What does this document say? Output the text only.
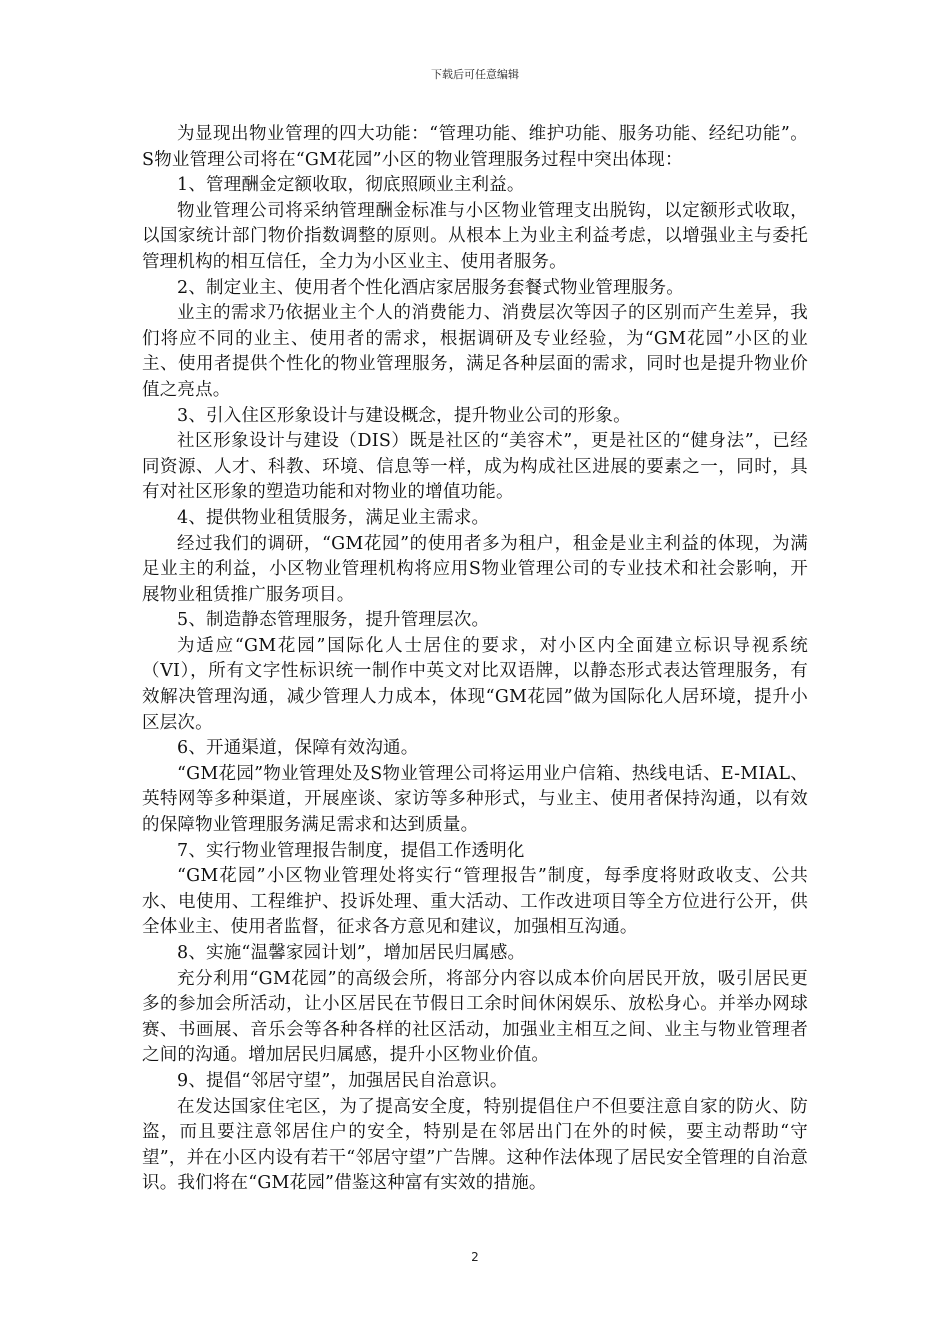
下载后可任意编辑

为显现出物业管理的四大功能：“管理功能、维护功能、服务功能、经纪功能”。S物业管理公司将在“GM花园”小区的物业管理服务过程中突出体现：

1、管理酬金定额收取，彻底照顾业主利益。

物业管理公司将采纳管理酬金标准与小区物业管理支出脱钩，以定额形式收取，以国家统计部门物价指数调整的原则。从根本上为业主利益考虑，以增强业主与委托管理机构的相互信任，全力为小区业主、使用者服务。

2、制定业主、使用者个性化酒店家居服务套餐式物业管理服务。

业主的需求乃依据业主个人的消费能力、消费层次等因子的区别而产生差异，我们将应不同的业主、使用者的需求，根据调研及专业经验，为“GM花园”小区的业主、使用者提供个性化的物业管理服务，满足各种层面的需求，同时也是提升物业价值之亮点。

3、引入住区形象设计与建设概念，提升物业公司的形象。

社区形象设计与建设（DIS）既是社区的“美容术”，更是社区的“健身法”，已经同资源、人才、科教、环境、信息等一样，成为构成社区进展的要素之一，同时，具有对社区形象的塑造功能和对物业的增值功能。

4、提供物业租赁服务，满足业主需求。

经过我们的调研，“GM花园”的使用者多为租户，租金是业主利益的体现，为满足业主的利益，小区物业管理机构将应用S物业管理公司的专业技术和社会影响，开展物业租赁推广服务项目。

5、制造静态管理服务，提升管理层次。

为适应“GM花园”国际化人士居住的要求，对小区内全面建立标识导视系统（VI），所有文字性标识统一制作中英文对比双语牌，以静态形式表达管理服务，有效解决管理沟通，减少管理人力成本，体现“GM花园”做为国际化人居环境，提升小区层次。

6、开通渠道，保障有效沟通。

“GM花园”物业管理处及S物业管理公司将运用业户信箱、热线电话、E-MIAL、英特网等多种渠道，开展座谈、家访等多种形式，与业主、使用者保持沟通，以有效的保障物业管理服务满足需求和达到质量。

7、实行物业管理报告制度，提倡工作透明化

“GM花园”小区物业管理处将实行“管理报告”制度，每季度将财政收支、公共水、电使用、工程维护、投诉处理、重大活动、工作改进项目等全方位进行公开，供全体业主、使用者监督，征求各方意见和建议，加强相互沟通。

8、实施“温馨家园计划”，增加居民归属感。

充分利用“GM花园”的高级会所，将部分内容以成本价向居民开放，吸引居民更多的参加会所活动，让小区居民在节假日工余时间休闲娱乐、放松身心。并举办网球赛、书画展、音乐会等各种各样的社区活动，加强业主相互之间、业主与物业管理者之间的沟通。增加居民归属感，提升小区物业价值。

9、提倡“邻居守望”，加强居民自治意识。

在发达国家住宅区，为了提高安全度，特别提倡住户不但要注意自家的防火、防盗，而且要注意邻居住户的安全，特别是在邻居出门在外的时候，要主动帮助“守望”，并在小区内设有若干“邻居守望”广告牌。这种作法体现了居民安全管理的自治意识。我们将在“GM花园”借鉴这种富有实效的措施。

2
